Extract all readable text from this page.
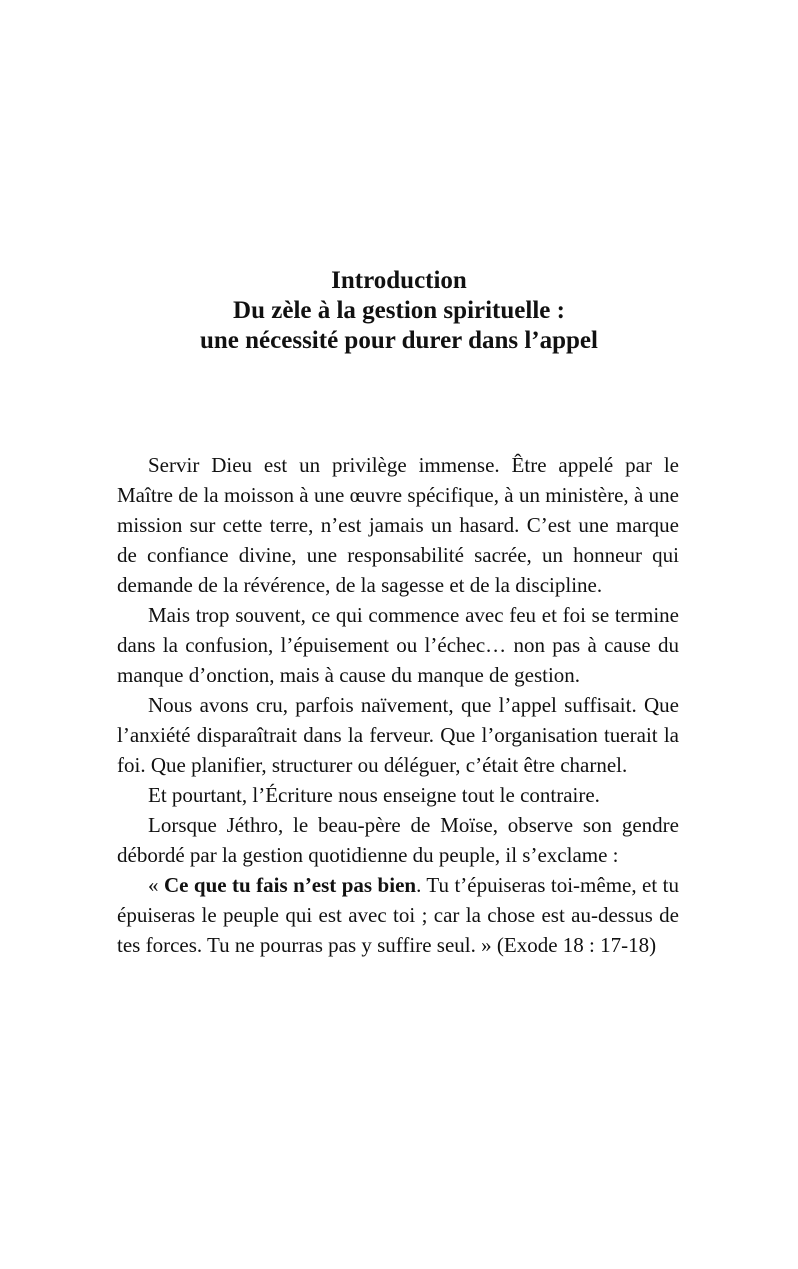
Introduction
Du zèle à la gestion spirituelle :
une nécessité pour durer dans l’appel

Servir Dieu est un privilège immense. Être appelé par le Maître de la moisson à une œuvre spécifique, à un ministère, à une mission sur cette terre, n’est jamais un hasard. C’est une marque de confiance divine, une responsabilité sacrée, un honneur qui demande de la révérence, de la sagesse et de la discipline.

Mais trop souvent, ce qui commence avec feu et foi se termine dans la confusion, l’épuisement ou l’échec… non pas à cause du manque d’onction, mais à cause du manque de gestion.

Nous avons cru, parfois naïvement, que l’appel suffisait. Que l’anxiété disparaîtrait dans la ferveur. Que l’organisation tuerait la foi. Que planifier, structurer ou déléguer, c’était être charnel.

Et pourtant, l’Écriture nous enseigne tout le contraire.

Lorsque Jéthro, le beau-père de Moïse, observe son gendre débordé par la gestion quotidienne du peuple, il s’exclame :

« Ce que tu fais n’est pas bien. Tu t’épuiseras toi-même, et tu épuiseras le peuple qui est avec toi ; car la chose est au-dessus de tes forces. Tu ne pourras pas y suffire seul. » (Exode 18 : 17-18)
